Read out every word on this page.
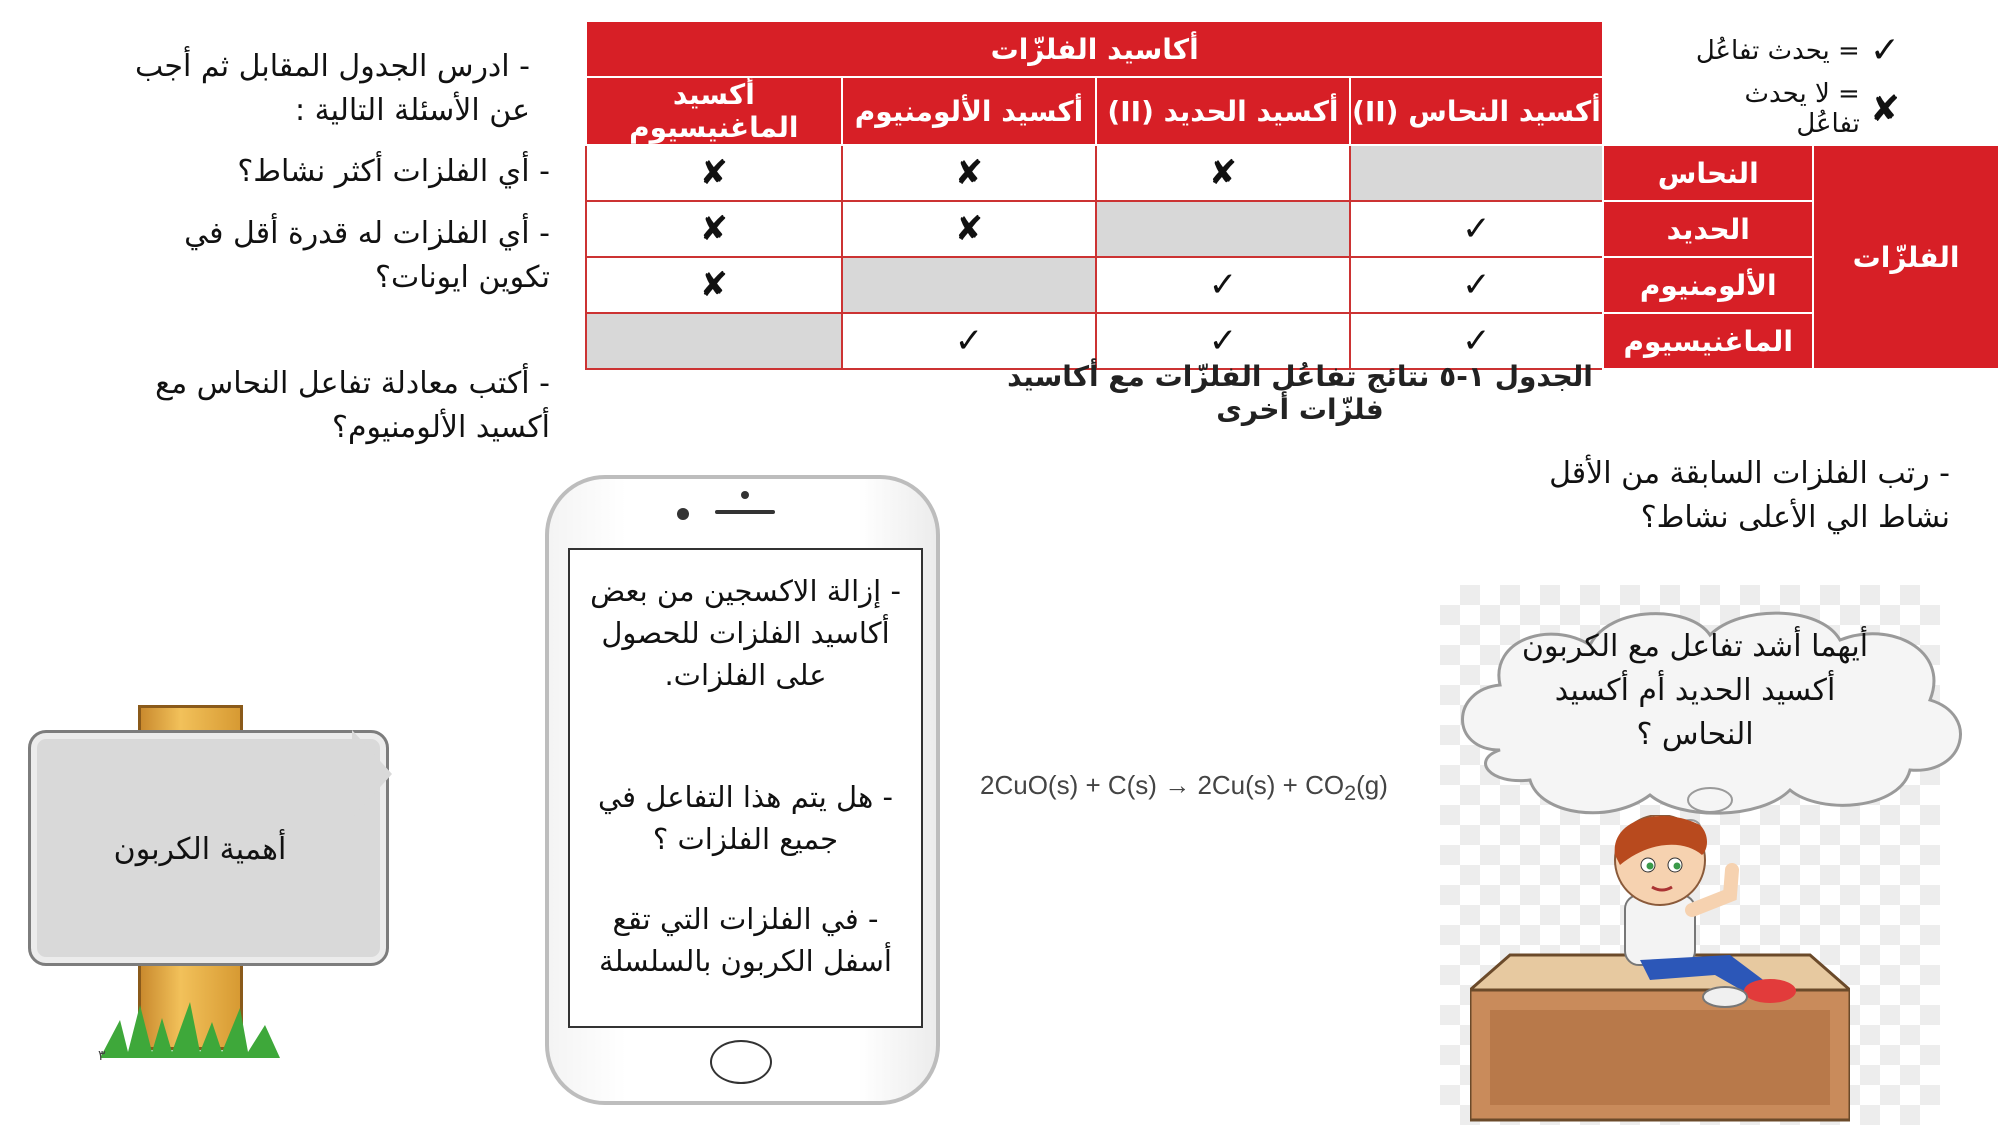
- ادرس الجدول المقابل ثم أجب عن الأسئلة التالية :
- أي الفلزات أكثر نشاط؟
- أي الفلزات له قدرة أقل في تكوين ايونات؟
- أكتب معادلة تفاعل النحاس مع أكسيد الألومنيوم؟
✓
= يحدث تفاعُل
✘
= لا يحدث تفاعُل
		أكاسيد الفلزّات			
		أكسيد النحاس (II)	أكسيد الحديد (II)	أكسيد الألومنيوم	أكسيد الماغنيسيوم
الفلزّات	النحاس		✘	✘	✘
	الحديد	✓		✘	✘
	الألومنيوم	✓	✓		✘
	الماغنيسيوم	✓	✓	✓	
الجدول ١-٥ نتائج تفاعُل الفلزّات مع أكاسيد فلزّات أخرى
- رتب الفلزات السابقة من الأقل نشاط الي الأعلى نشاط؟
- إزالة الاكسجين من بعض أكاسيد الفلزات للحصول على الفلزات.
- هل يتم هذا التفاعل في جميع الفلزات ؟
- في الفلزات التي تقع أسفل الكربون بالسلسلة
$2CuO(s) + C(s) \to 2Cu(s) + CO_2(g)$
أهمية الكربون
٣
أيهما أشد تفاعل مع الكربون أكسيد الحديد أم أكسيد النحاس ؟
